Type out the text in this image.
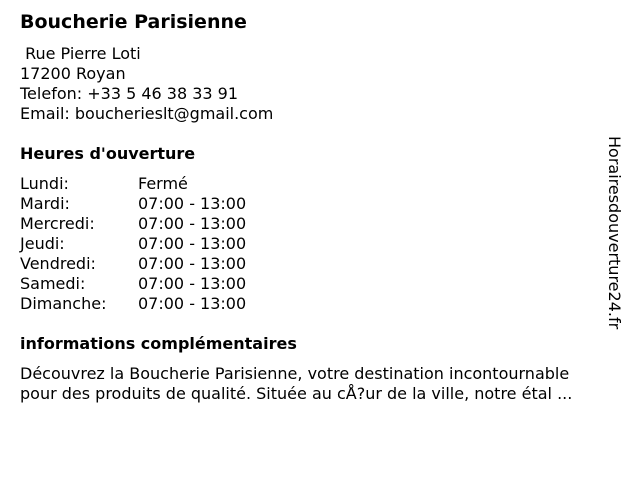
Boucherie Parisienne
Rue Pierre Loti
17200 Royan
Telefon: +33 5 46 38 33 91
Email: boucherieslt@gmail.com
Heures d'ouverture
Lundi:	Fermé
Mardi:	07:00 - 13:00
Mercredi:	07:00 - 13:00
Jeudi:	07:00 - 13:00
Vendredi:	07:00 - 13:00
Samedi:	07:00 - 13:00
Dimanche: 07:00 - 13:00
informations complémentaires
Découvrez la Boucherie Parisienne, votre destination incontournable
pour des produits de qualité. Située au cÅ?ur de la ville, notre étal ...
Horairesdouverture24.fr
